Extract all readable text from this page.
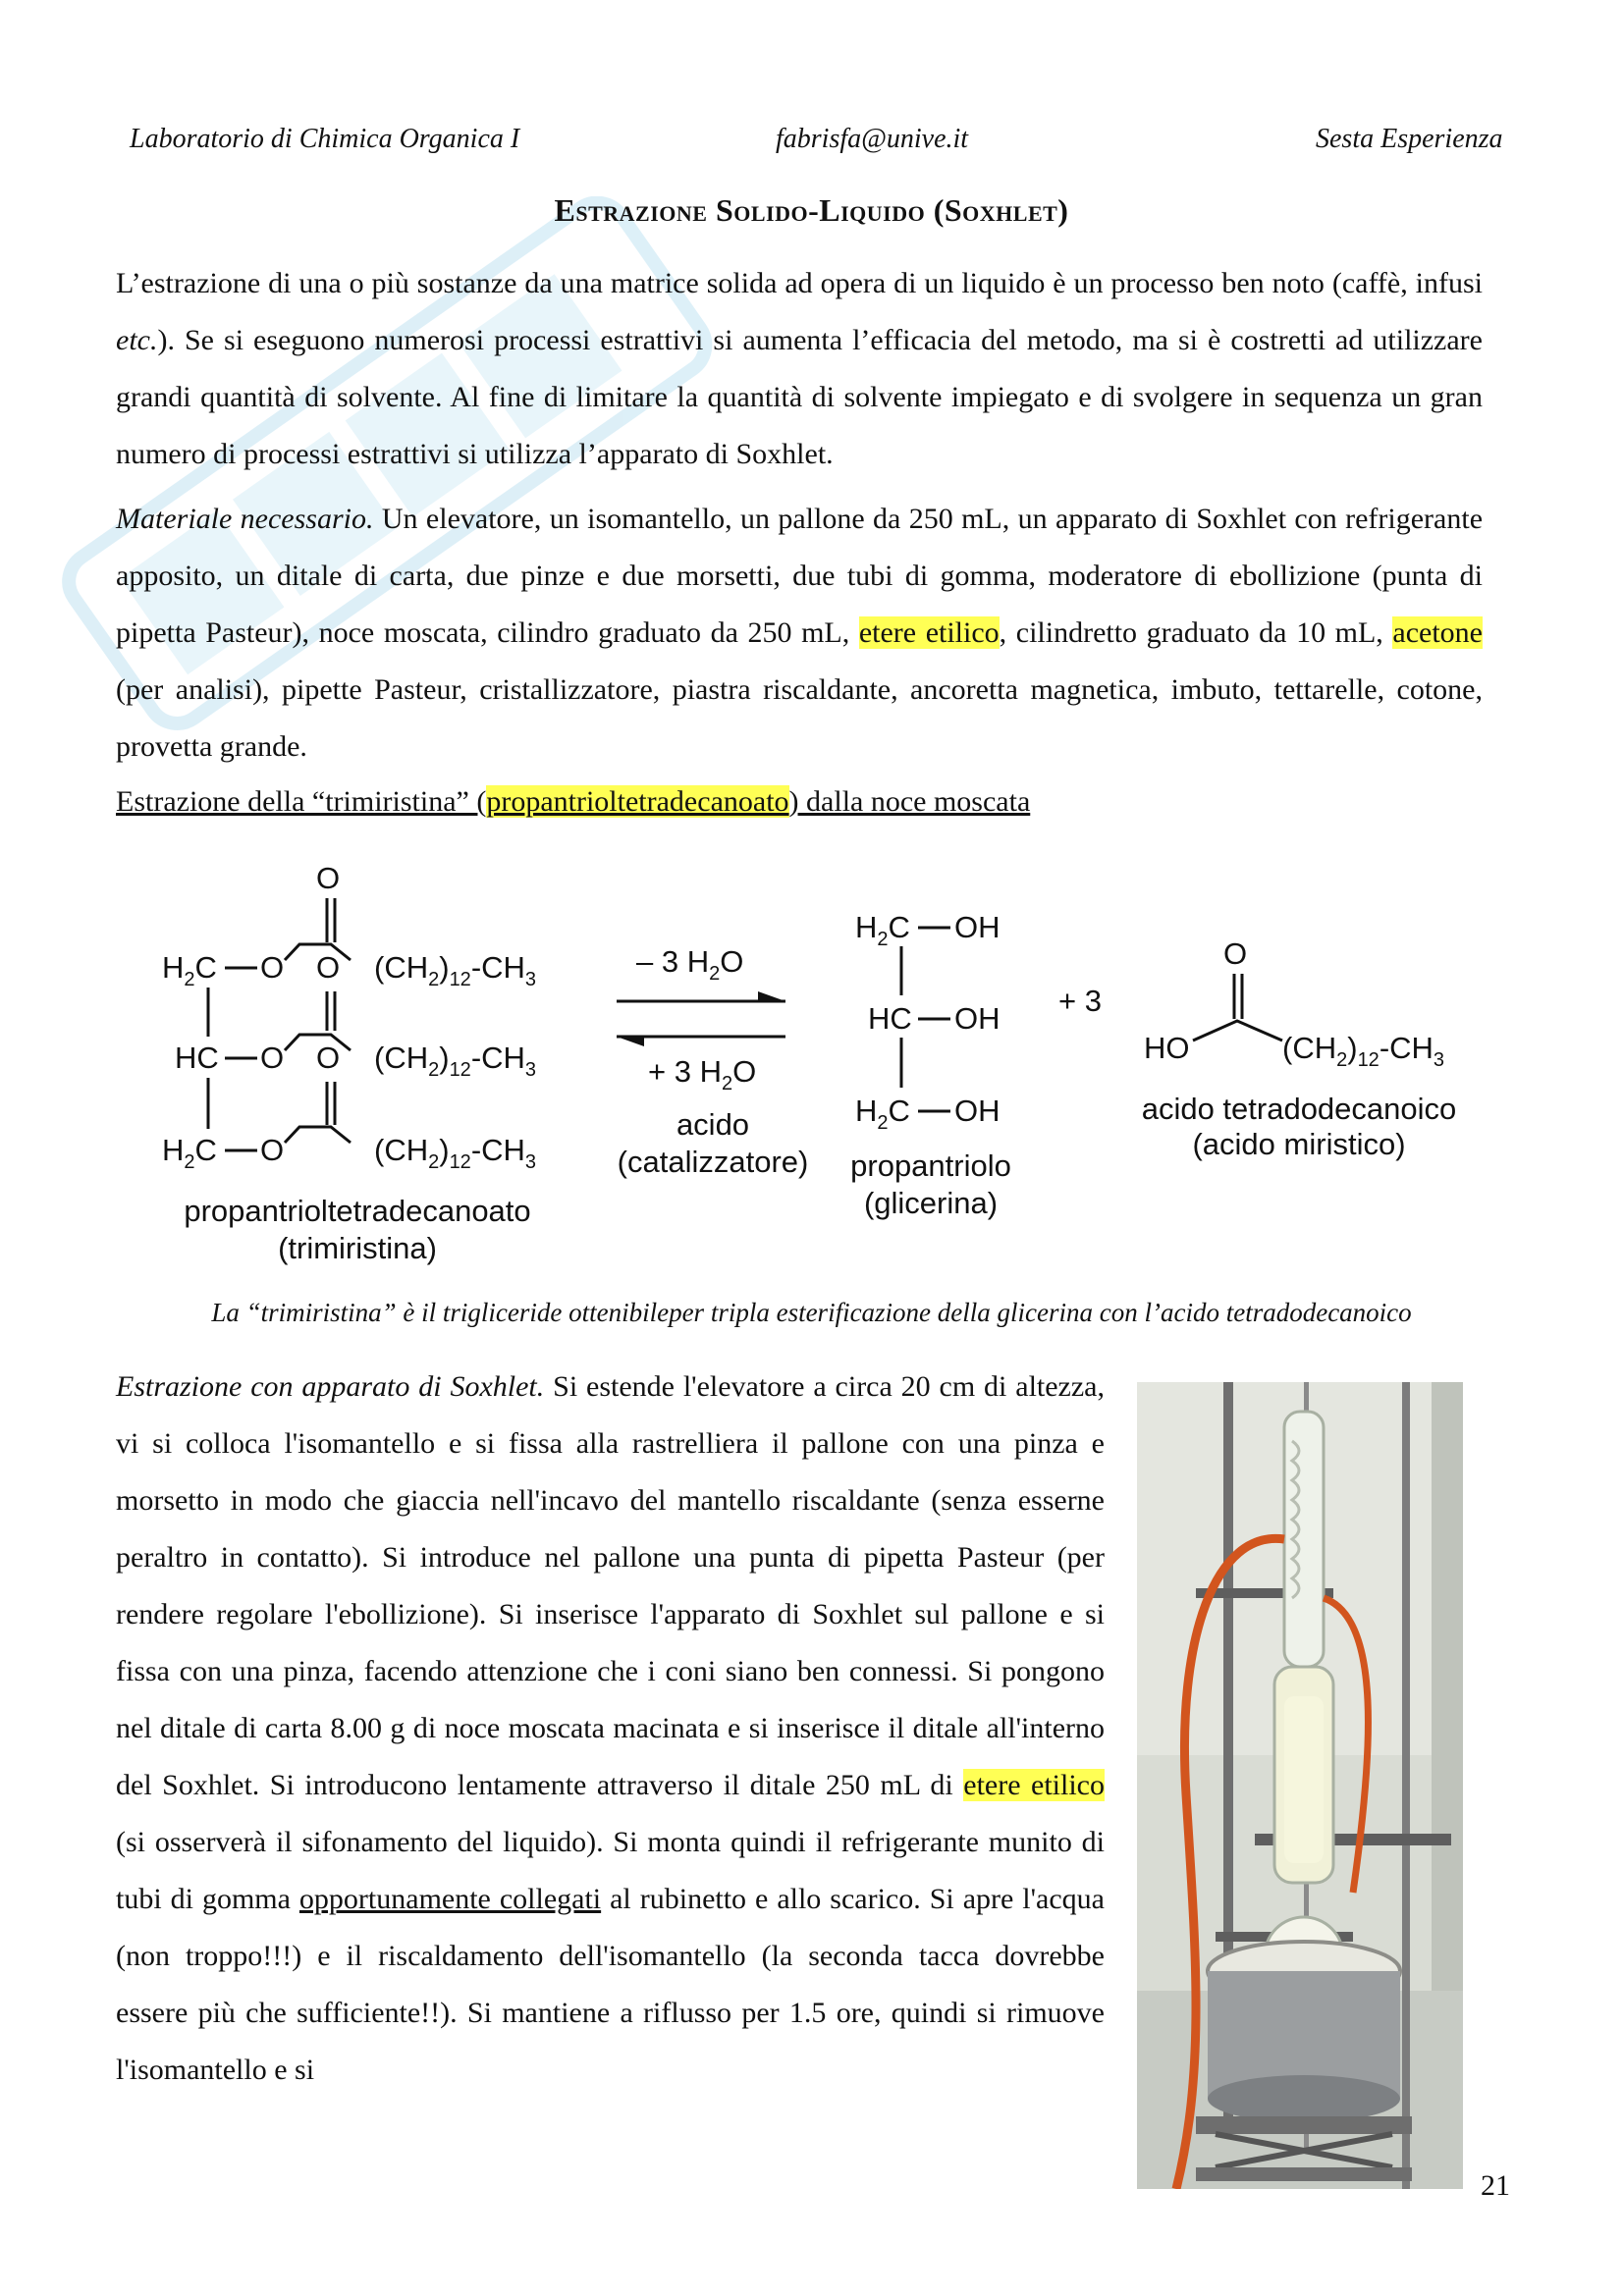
Laboratorio di Chimica Organica I	fabrisfa@unive.it	Sesta Esperienza
Estrazione Solido-Liquido (Soxhlet)
L’estrazione di una o più sostanze da una matrice solida ad opera di un liquido è un processo ben noto (caffè, infusi etc.). Se si eseguono numerosi processi estrattivi si aumenta l’efficacia del metodo, ma si è costretti ad utilizzare grandi quantità di solvente. Al fine di limitare la quantità di solvente impiegato e di svolgere in sequenza un gran numero di processi estrattivi si utilizza l’apparato di Soxhlet.
Materiale necessario. Un elevatore, un isomantello, un pallone da 250 mL, un apparato di Soxhlet con refrigerante apposito, un ditale di carta, due pinze e due morsetti, due tubi di gomma, moderatore di ebollizione (punta di pipetta Pasteur), noce moscata, cilindro graduato da 250 mL, etere etilico, cilindretto graduato da 10 mL, acetone (per analisi), pipette Pasteur, cristallizzatore, piastra riscaldante, ancoretta magnetica, imbuto, tettarelle, cotone, provetta grande.
Estrazione della “trimiristina” (propantrioltetradecanoato) dalla noce moscata
O
$H_2C$ O O $(CH_2)_{12}-CH_3$
HC O O $(CH_2)_{12}-CH_3$
$H_2C$ O	$(CH_2)_{12}-CH_3$
propantrioltetradecanoato
(trimiristina)
– 3 $H_2O$
+ 3 $H_2O$
acido
(catalizzatore)
$H_2C$ OH
HC OH
$H_2C$ OH
propantriolo
(glicerina)
+ 3
O
HO	$(CH_2)_{12}-CH_3$
acido tetradodecanoico
(acido miristico)
La “trimiristina” è il trigliceride ottenibileper tripla esterificazione della glicerina con l’acido tetradodecanoico
Estrazione con apparato di Soxhlet. Si estende l'elevatore a circa 20 cm di altezza, vi si colloca l'isomantello e si fissa alla rastrelliera il pallone con una pinza e morsetto in modo che giaccia nell'incavo del mantello riscaldante (senza esserne peraltro in contatto). Si introduce nel pallone una punta di pipetta Pasteur (per rendere regolare l'ebollizione). Si inserisce l'apparato di Soxhlet sul pallone e si fissa con una pinza, facendo attenzione che i coni siano ben connessi. Si pongono nel ditale di carta 8.00 g di noce moscata macinata e si inserisce il ditale all'interno del Soxhlet. Si introducono lentamente attraverso il ditale 250 mL di etere etilico (si osserverà il sifonamento del liquido). Si monta quindi il refrigerante munito di tubi di gomma opportunamente collegati al rubinetto e allo scarico. Si apre l'acqua (non troppo!!!) e il riscaldamento dell'isomantello (la seconda tacca dovrebbe essere più che sufficiente!!). Si mantiene a riflusso per 1.5 ore, quindi si rimuove l'isomantello e si
21
